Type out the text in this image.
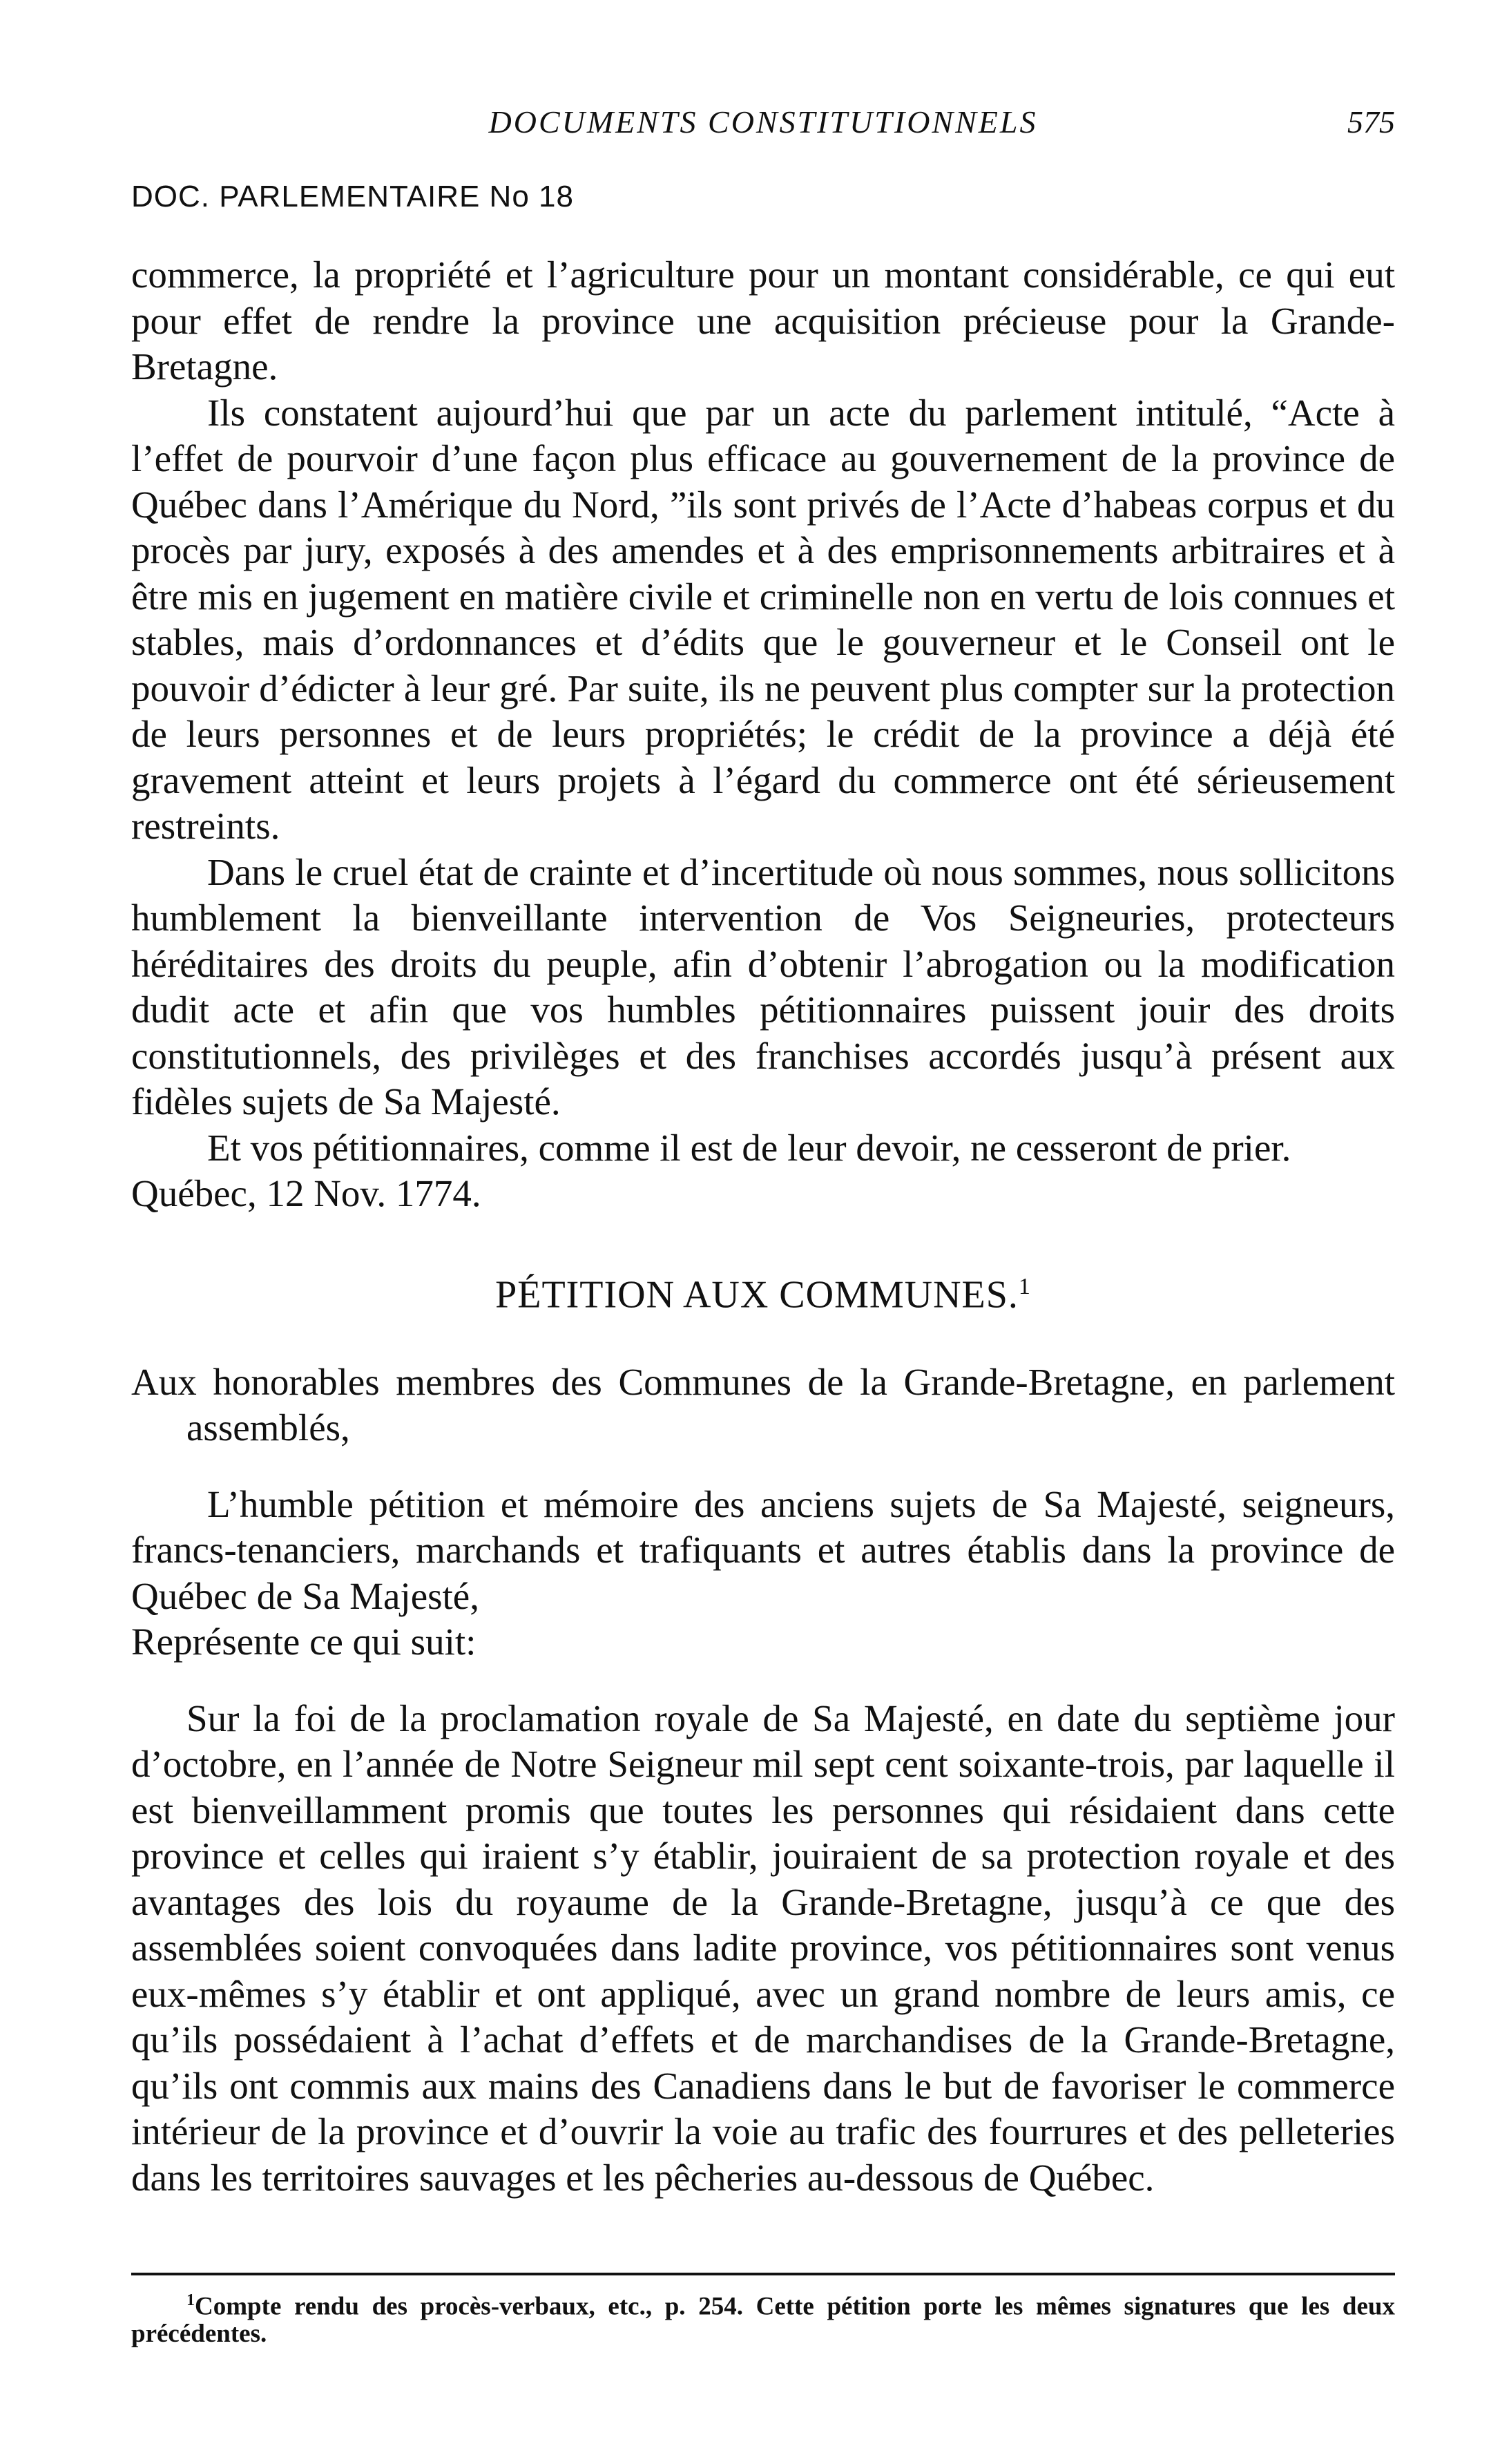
DOCUMENTS CONSTITUTIONNELS	575
DOC. PARLEMENTAIRE No 18

commerce, la propriété et l’agriculture pour un montant considérable, ce qui eut pour effet de rendre la province une acquisition précieuse pour la Grande-Bretagne.

Ils constatent aujourd’hui que par un acte du parlement intitulé, “Acte à l’effet de pourvoir d’une façon plus efficace au gouvernement de la province de Québec dans l’Amérique du Nord, ”ils sont privés de l’Acte d’habeas corpus et du procès par jury, exposés à des amendes et à des emprisonnements arbitraires et à être mis en jugement en matière civile et criminelle non en vertu de lois connues et stables, mais d’ordonnances et d’édits que le gouverneur et le Conseil ont le pouvoir d’édicter à leur gré. Par suite, ils ne peuvent plus compter sur la protection de leurs personnes et de leurs propriétés; le crédit de la province a déjà été gravement atteint et leurs projets à l’égard du commerce ont été sérieusement restreints.

Dans le cruel état de crainte et d’incertitude où nous sommes, nous sollicitons humblement la bienveillante intervention de Vos Seigneuries, protecteurs héréditaires des droits du peuple, afin d’obtenir l’abrogation ou la modification dudit acte et afin que vos humbles pétitionnaires puissent jouir des droits constitutionnels, des privilèges et des franchises accordés jusqu’à présent aux fidèles sujets de Sa Majesté.

Et vos pétitionnaires, comme il est de leur devoir, ne cesseront de prier.

Québec, 12 Nov. 1774.

PÉTITION AUX COMMUNES.$^1$

Aux honorables membres des Communes de la Grande-Bretagne, en parlement assemblés,

L’humble pétition et mémoire des anciens sujets de Sa Majesté, seigneurs, francs-tenanciers, marchands et trafiquants et autres établis dans la province de Québec de Sa Majesté,

Représente ce qui suit:

Sur la foi de la proclamation royale de Sa Majesté, en date du septième jour d’octobre, en l’année de Notre Seigneur mil sept cent soixante-trois, par laquelle il est bienveillamment promis que toutes les personnes qui résidaient dans cette province et celles qui iraient s’y établir, jouiraient de sa protection royale et des avantages des lois du royaume de la Grande-Bretagne, jusqu’à ce que des assemblées soient convoquées dans ladite province, vos pétitionnaires sont venus eux-mêmes s’y établir et ont appliqué, avec un grand nombre de leurs amis, ce qu’ils possédaient à l’achat d’effets et de marchandises de la Grande-Bretagne, qu’ils ont commis aux mains des Canadiens dans le but de favoriser le commerce intérieur de la province et d’ouvrir la voie au trafic des fourrures et des pelleteries dans les territoires sauvages et les pêcheries au-dessous de Québec.

$^1$Compte rendu des procès-verbaux, etc., p. 254. Cette pétition porte les mêmes signatures que les deux précédentes.
